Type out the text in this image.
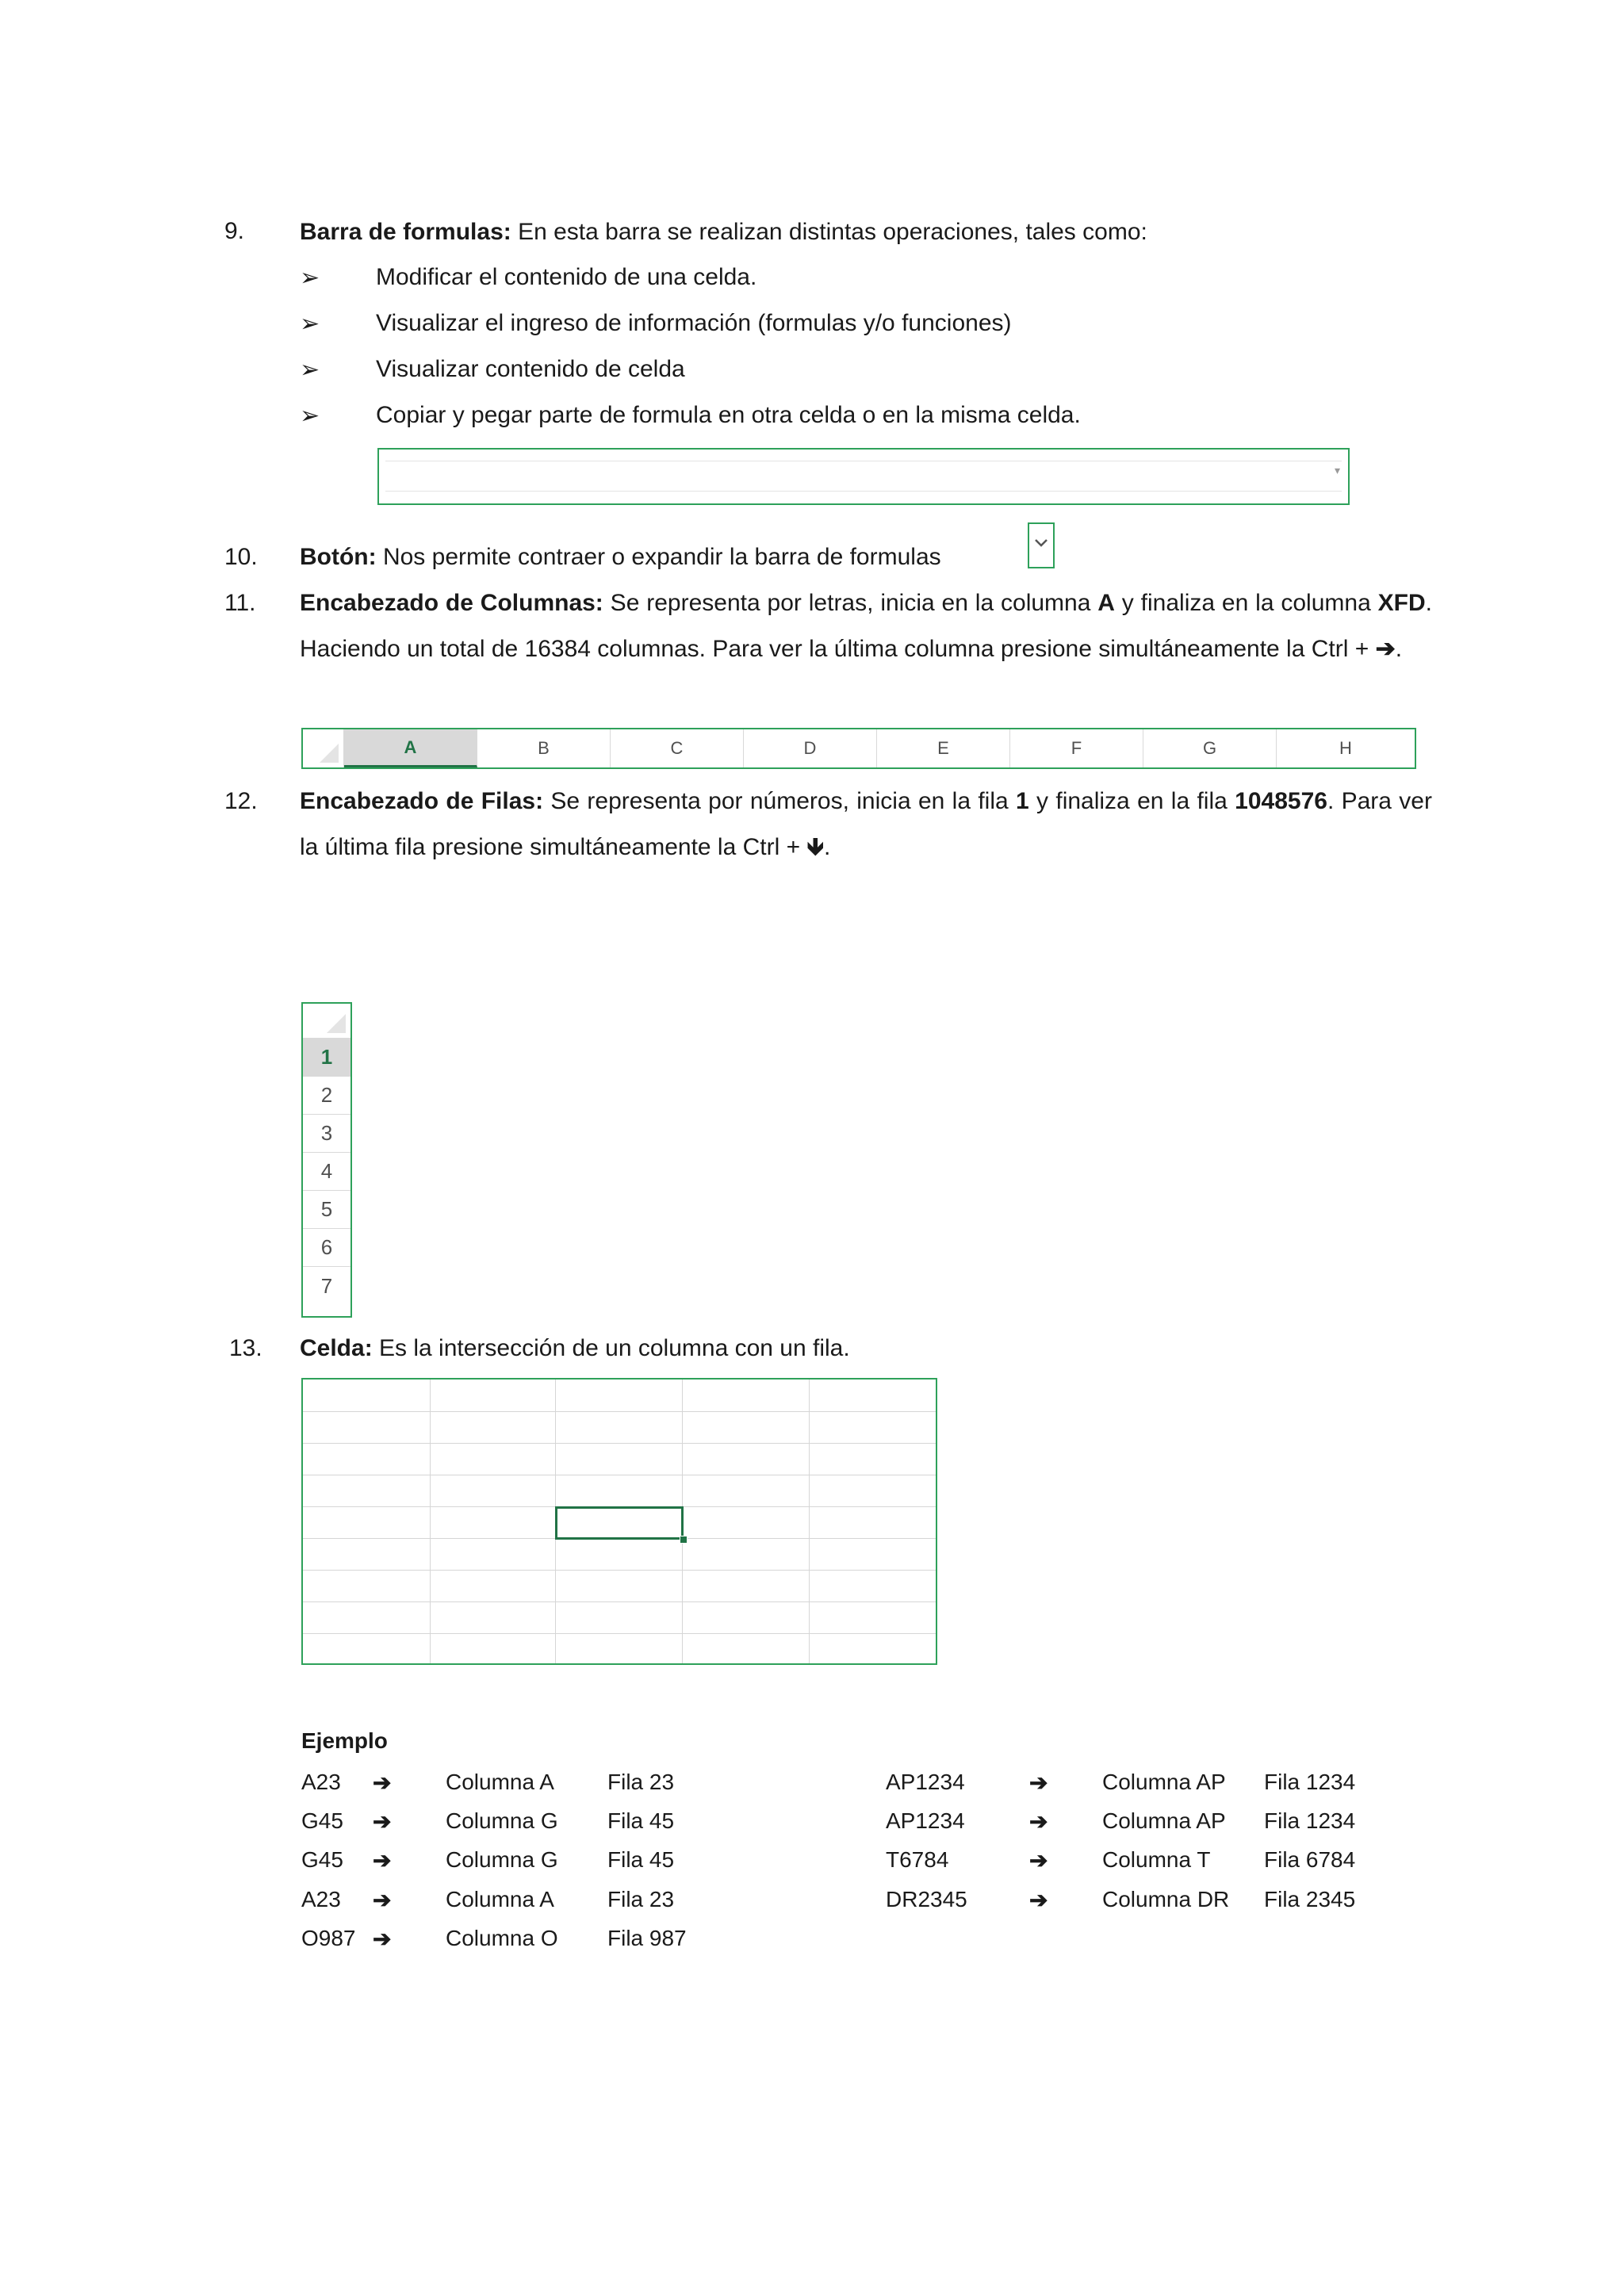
9. Barra de formulas: En esta barra se realizan distintas operaciones, tales como:
➢ Modificar el contenido de una celda.
➢ Visualizar el ingreso de información (formulas y/o funciones)
➢ Visualizar contenido de celda
➢ Copiar y pegar parte de formula en otra celda o en la misma celda.
▾
10. Botón: Nos permite contraer o expandir la barra de formulas
11. Encabezado de Columnas: Se representa por letras, inicia en la columna A y finaliza en la columna XFD. Haciendo un total de 16384 columnas. Para ver la última columna presione simultáneamente la Ctrl + ➔.
A	B	C	D	E	F	G	H
12. Encabezado de Filas: Se representa por números, inicia en la fila 1 y finaliza en la fila 1048576. Para ver la última fila presione simultáneamente la Ctrl + 🡻.
1
2
3
4
5
6
7
13. Celda: Es la intersección de un columna con un fila.
Ejemplo
A23 ➔ Columna A Fila 23
G45 ➔ Columna G Fila 45
G45 ➔ Columna G Fila 45
A23 ➔ Columna A Fila 23
O987 ➔ Columna O Fila 987
AP1234	➔ Columna AP Fila 1234
AP1234	➔ Columna AP Fila 1234
T6784	➔ Columna T Fila 6784
DR2345	➔ Columna DR Fila 2345
